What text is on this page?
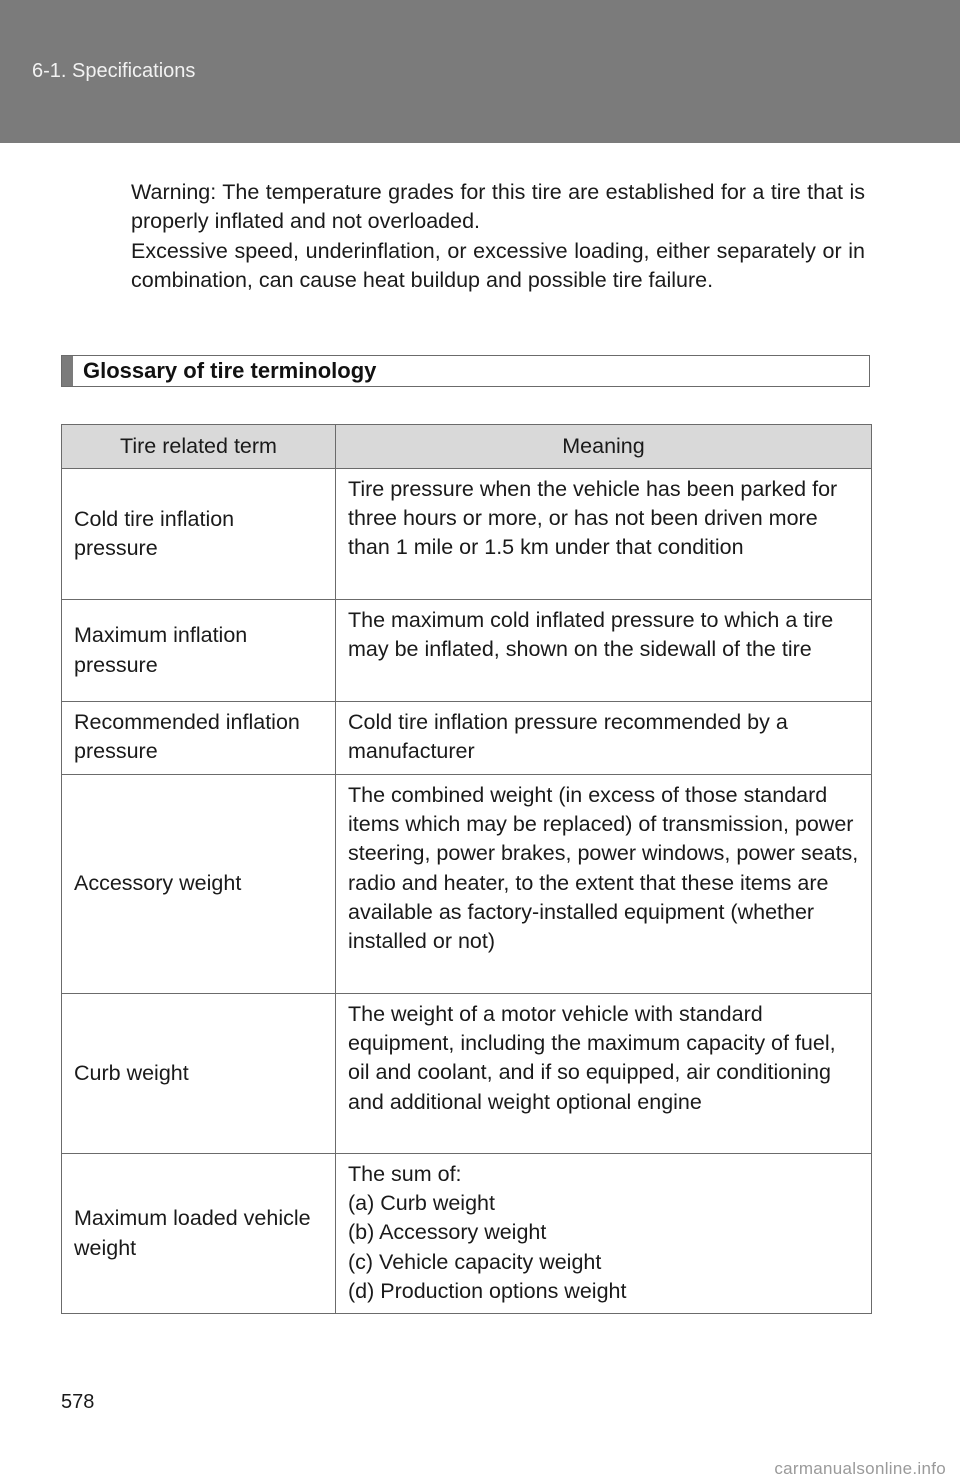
6-1. Specifications

Warning: The temperature grades for this tire are established for a tire that is properly inflated and not overloaded.

Excessive speed, underinflation, or excessive loading, either separately or in combination, can cause heat buildup and possible tire failure.

Glossary of tire terminology
Tire related term	Meaning
Cold tire inflation pressure	Tire pressure when the vehicle has been parked for three hours or more, or has not been driven more than 1 mile or 1.5 km under that condition

Maximum inflation pressure	The maximum cold inflated pressure to which a tire may be inflated, shown on the sidewall of the tire

Recommended inflation pressure	Cold tire inflation pressure recommended by a manufacturer

Accessory weight	The combined weight (in excess of those standard items which may be replaced) of transmission, power steering, power brakes, power windows, power seats, radio and heater, to the extent that these items are available as factory-installed equipment (whether installed or not)

Curb weight	The weight of a motor vehicle with standard equipment, including the maximum capacity of fuel, oil and coolant, and if so equipped, air conditioning and additional weight optional engine

Maximum loaded vehicle weight	The sum of:
(a) Curb weight
(b) Accessory weight
(c) Vehicle capacity weight
(d) Production options weight
578
carmanualsonline.info
